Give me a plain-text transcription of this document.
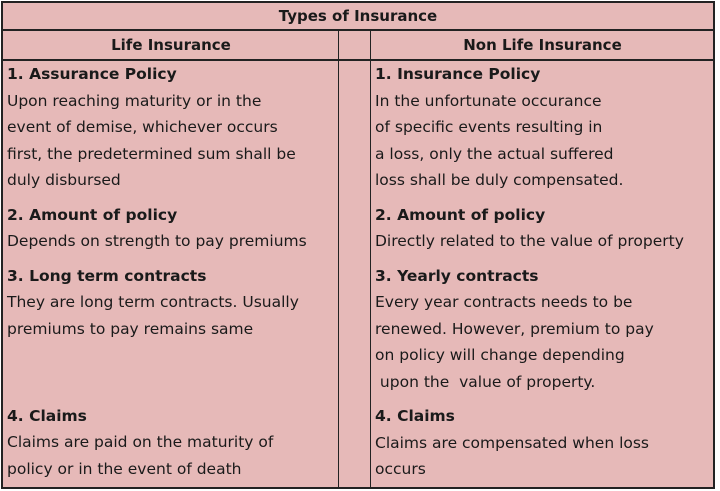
Types of Insurance
Life Insurance	Non Life Insurance
1. Assurance Policy
Upon reaching maturity or in the
event of demise, whichever occurs
first, the predetermined sum shall be
duly disbursed
2. Amount of policy
Depends on strength to pay premiums
3. Long term contracts
They are long term contracts. Usually
premiums to pay remains same

4. Claims
Claims are paid on the maturity of
policy or in the event of death
1. Insurance Policy
In the unfortunate occurance
of specific events resulting in
a loss, only the actual suffered
loss shall be duly compensated.
2. Amount of policy
Directly related to the value of property
3. Yearly contracts
Every year contracts needs to be
renewed. However, premium to pay
on policy will change depending
upon the  value of property.
4. Claims
Claims are compensated when loss
occurs
